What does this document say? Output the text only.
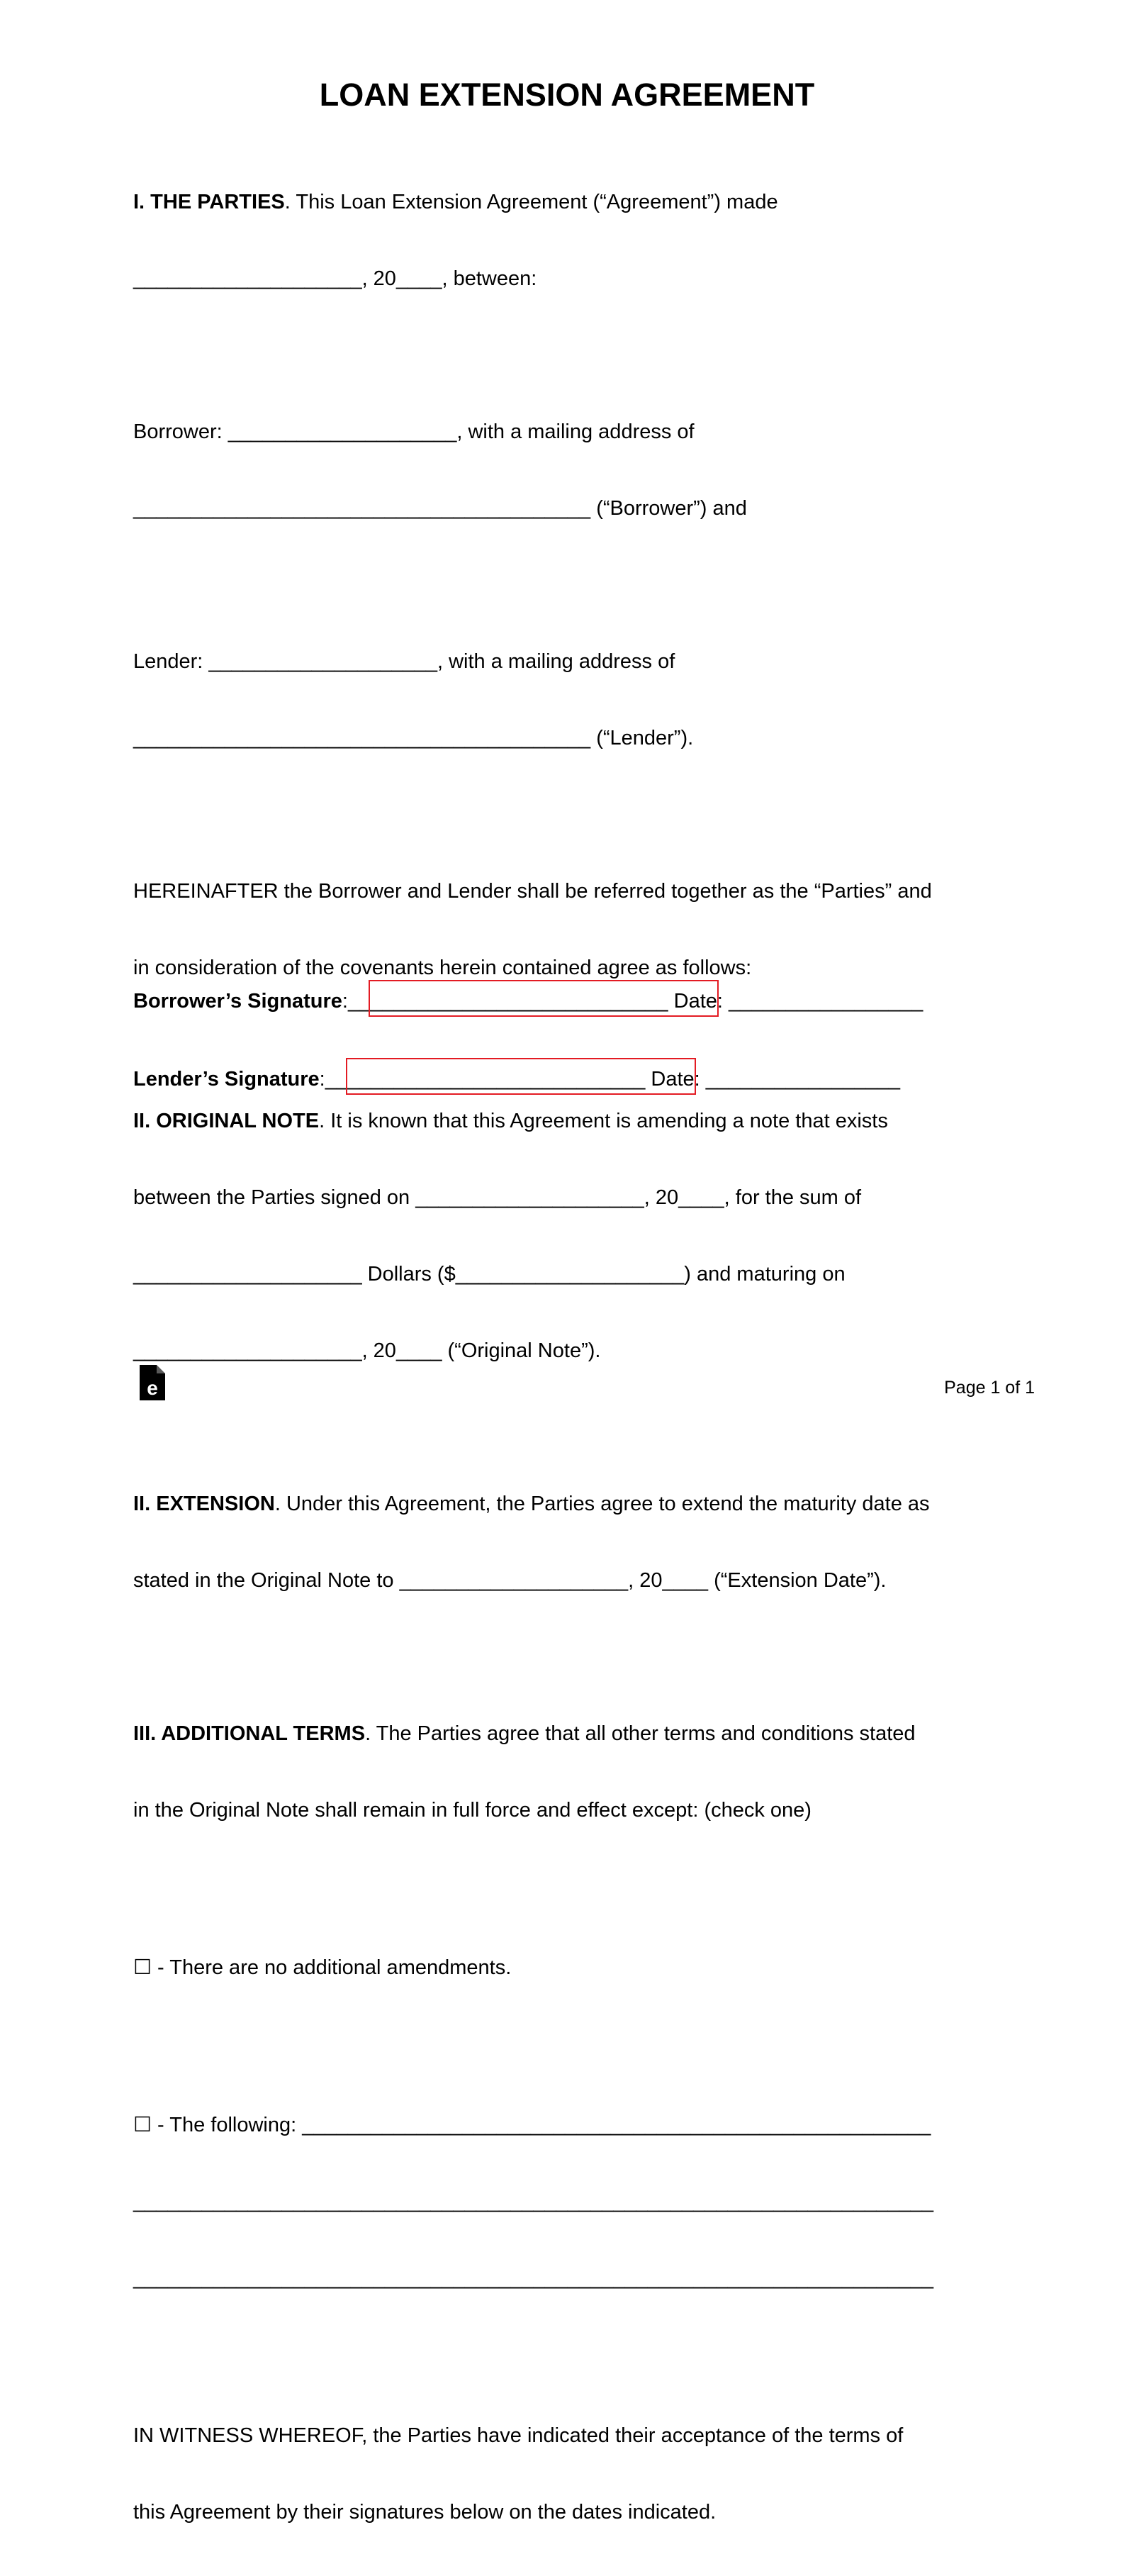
LOAN EXTENSION AGREEMENT

I. THE PARTIES. This Loan Extension Agreement (“Agreement”) made

____________________, 20____, between:

Borrower: ____________________, with a mailing address of

________________________________________ (“Borrower”) and

Lender: ____________________, with a mailing address of

________________________________________ (“Lender”).

HEREINAFTER the Borrower and Lender shall be referred together as the “Parties” and

in consideration of the covenants herein contained agree as follows:

II. ORIGINAL NOTE. It is known that this Agreement is amending a note that exists

between the Parties signed on ____________________, 20____, for the sum of

____________________ Dollars ($____________________) and maturing on

____________________, 20____ (“Original Note”).

II. EXTENSION. Under this Agreement, the Parties agree to extend the maturity date as

stated in the Original Note to ____________________, 20____ (“Extension Date”).

III. ADDITIONAL TERMS. The Parties agree that all other terms and conditions stated

in the Original Note shall remain in full force and effect except: (check one)

☐ - There are no additional amendments.

☐ - The following: _______________________________________________________

______________________________________________________________________

______________________________________________________________________

IN WITNESS WHEREOF, the Parties have indicated their acceptance of the terms of

this Agreement by their signatures below on the dates indicated.

Borrower’s Signature:____________________________ Date: _________________
Lender’s Signature:____________________________ Date: _________________
e	Page 1 of 1
